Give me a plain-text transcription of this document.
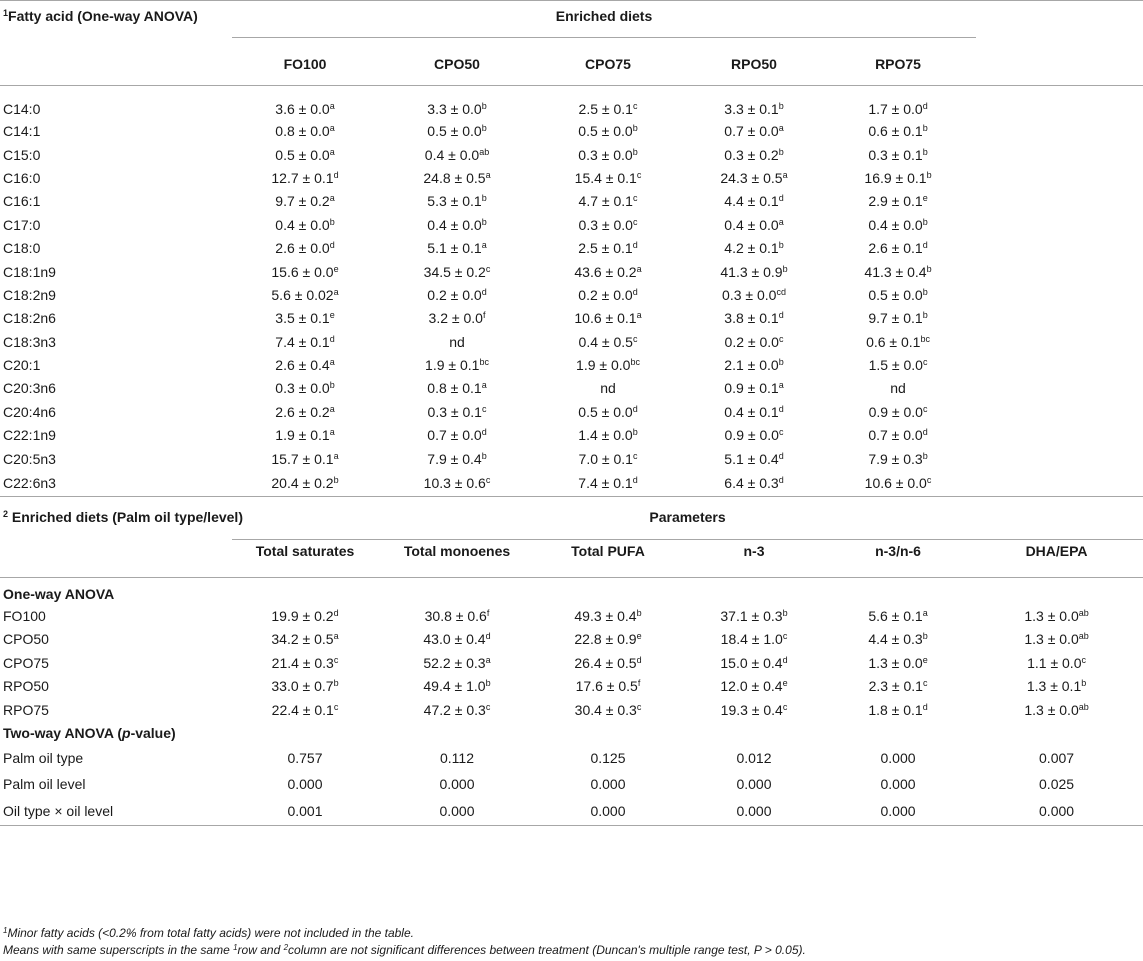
$^1$Fatty acid (One-way ANOVA)	Enriched diets					

	FO100	CPO50	CPO75	RPO50	RPO75	
C14:0	3.6 ± 0.0$^a$	3.3 ± 0.0$^b$	2.5 ± 0.1$^c$	3.3 ± 0.1$^b$	1.7 ± 0.0$^d$	
C14:1	0.8 ± 0.0$^a$	0.5 ± 0.0$^b$	0.5 ± 0.0$^b$	0.7 ± 0.0$^a$	0.6 ± 0.1$^b$	
C15:0	0.5 ± 0.0$^a$	0.4 ± 0.0$^{ab}$	0.3 ± 0.0$^b$	0.3 ± 0.2$^b$	0.3 ± 0.1$^b$	
C16:0	12.7 ± 0.1$^d$	24.8 ± 0.5$^a$	15.4 ± 0.1$^c$	24.3 ± 0.5$^a$	16.9 ± 0.1$^b$	
C16:1	9.7 ± 0.2$^a$	5.3 ± 0.1$^b$	4.7 ± 0.1$^c$	4.4 ± 0.1$^d$	2.9 ± 0.1$^e$	
C17:0	0.4 ± 0.0$^b$	0.4 ± 0.0$^b$	0.3 ± 0.0$^c$	0.4 ± 0.0$^a$	0.4 ± 0.0$^b$	
C18:0	2.6 ± 0.0$^d$	5.1 ± 0.1$^a$	2.5 ± 0.1$^d$	4.2 ± 0.1$^b$	2.6 ± 0.1$^d$	
C18:1n9	15.6 ± 0.0$^e$	34.5 ± 0.2$^c$	43.6 ± 0.2$^a$	41.3 ± 0.9$^b$	41.3 ± 0.4$^b$	
C18:2n9	5.6 ± 0.02$^a$	0.2 ± 0.0$^d$	0.2 ± 0.0$^d$	0.3 ± 0.0$^{cd}$	0.5 ± 0.0$^b$	
C18:2n6	3.5 ± 0.1$^e$	3.2 ± 0.0$^f$	10.6 ± 0.1$^a$	3.8 ± 0.1$^d$	9.7 ± 0.1$^b$	
C18:3n3	7.4 ± 0.1$^d$	nd	0.4 ± 0.5$^c$	0.2 ± 0.0$^c$	0.6 ± 0.1$^{bc}$	
C20:1	2.6 ± 0.4$^a$	1.9 ± 0.1$^{bc}$	1.9 ± 0.0$^{bc}$	2.1 ± 0.0$^b$	1.5 ± 0.0$^c$	
C20:3n6	0.3 ± 0.0$^b$	0.8 ± 0.1$^a$	nd	0.9 ± 0.1$^a$	nd	
C20:4n6	2.6 ± 0.2$^a$	0.3 ± 0.1$^c$	0.5 ± 0.0$^d$	0.4 ± 0.1$^d$	0.9 ± 0.0$^c$	
C22:1n9	1.9 ± 0.1$^a$	0.7 ± 0.0$^d$	1.4 ± 0.0$^b$	0.9 ± 0.0$^c$	0.7 ± 0.0$^d$	
C20:5n3	15.7 ± 0.1$^a$	7.9 ± 0.4$^b$	7.0 ± 0.1$^c$	5.1 ± 0.4$^d$	7.9 ± 0.3$^b$	
C22:6n3	20.4 ± 0.2$^b$	10.3 ± 0.6$^c$	7.4 ± 0.1$^d$	6.4 ± 0.3$^d$	10.6 ± 0.0$^c$	
$^2$ Enriched diets (Palm oil type/level)	Parameters					

	Total saturates	Total monoenes	Total PUFA	n-3	n-3/n-6	DHA/EPA
One-way ANOVA						
FO100	19.9 ± 0.2$^d$	30.8 ± 0.6$^f$	49.3 ± 0.4$^b$	37.1 ± 0.3$^b$	5.6 ± 0.1$^a$	1.3 ± 0.0$^{ab}$
CPO50	34.2 ± 0.5$^a$	43.0 ± 0.4$^d$	22.8 ± 0.9$^e$	18.4 ± 1.0$^c$	4.4 ± 0.3$^b$	1.3 ± 0.0$^{ab}$
CPO75	21.4 ± 0.3$^c$	52.2 ± 0.3$^a$	26.4 ± 0.5$^d$	15.0 ± 0.4$^d$	1.3 ± 0.0$^e$	1.1 ± 0.0$^c$
RPO50	33.0 ± 0.7$^b$	49.4 ± 1.0$^b$	17.6 ± 0.5$^f$	12.0 ± 0.4$^e$	2.3 ± 0.1$^c$	1.3 ± 0.1$^b$
RPO75	22.4 ± 0.1$^c$	47.2 ± 0.3$^c$	30.4 ± 0.3$^c$	19.3 ± 0.4$^c$	1.8 ± 0.1$^d$	1.3 ± 0.0$^{ab}$
Two-way ANOVA (p-value)						
Palm oil type	0.757	0.112	0.125	0.012	0.000	0.007
Palm oil level	0.000	0.000	0.000	0.000	0.000	0.025
Oil type × oil level	0.001	0.000	0.000	0.000	0.000	0.000
$^1$Minor fatty acids (<0.2% from total fatty acids) were not included in the table.
Means with same superscripts in the same $^1$row and $^2$column are not significant differences between treatment (Duncan's multiple range test, P > 0.05).
